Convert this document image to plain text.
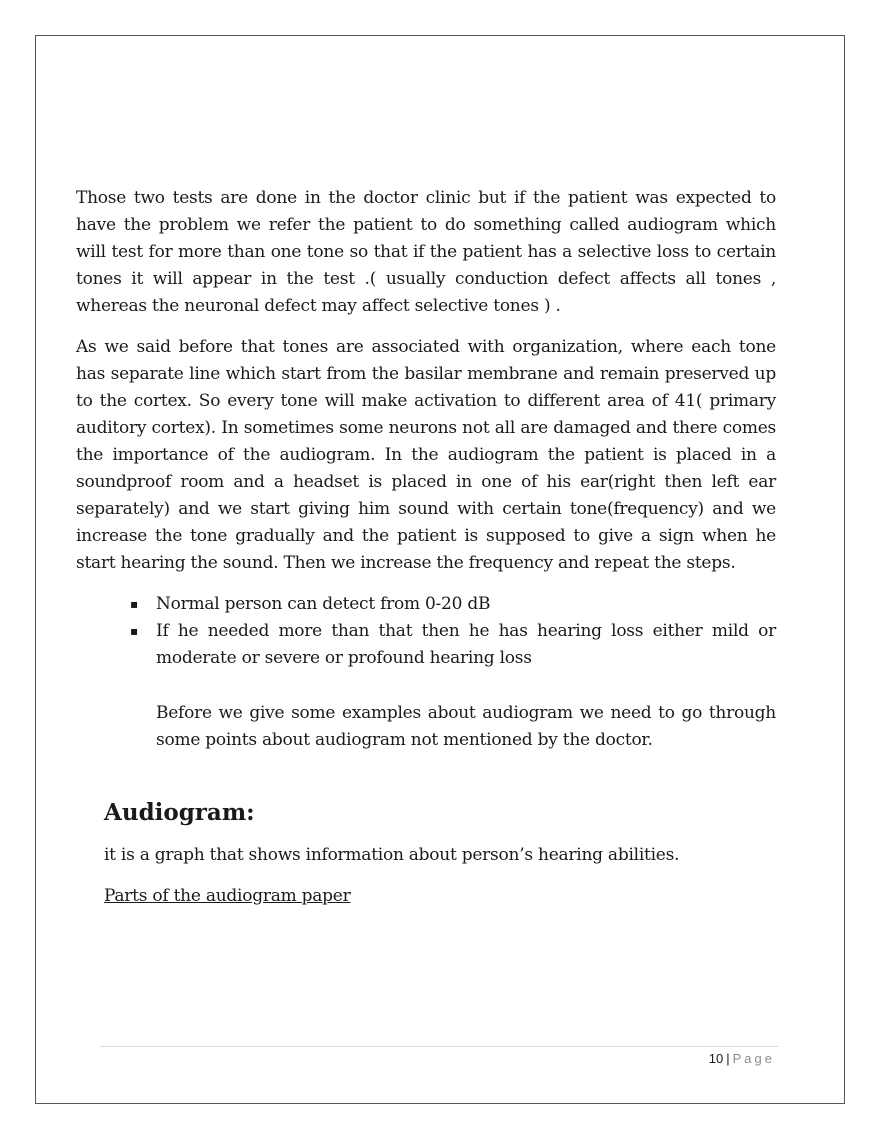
Those two tests are done in the doctor clinic but if the patient was expected to have the problem we refer the patient to do something called audiogram which will test for more than one tone so that if the patient has a selective loss to certain tones it will appear in the test .( usually conduction defect affects all tones , whereas the neuronal defect may affect selective tones ) .

As we said before that tones are associated with organization, where each tone has separate line which start from the basilar membrane and remain preserved up to the cortex. So every tone will make activation to different area of 41( primary auditory cortex). In sometimes some neurons not all are damaged and there comes the importance of the audiogram. In the audiogram the patient is placed in a soundproof room and a headset is placed in one of his ear(right then left ear separately) and we start giving him sound with certain tone(frequency) and we increase the tone gradually and the patient is supposed to give a sign when he start hearing the sound. Then we increase the frequency and repeat the steps.

▪ Normal person can detect from 0-20 dB
▪ If he needed more than that then he has hearing loss either mild or moderate or severe or profound hearing loss

Before we give some examples about audiogram we need to go through some points about audiogram not mentioned by the doctor.

Audiogram:

it is a graph that shows information about person’s hearing abilities.

Parts of the audiogram paper

10 | Page
